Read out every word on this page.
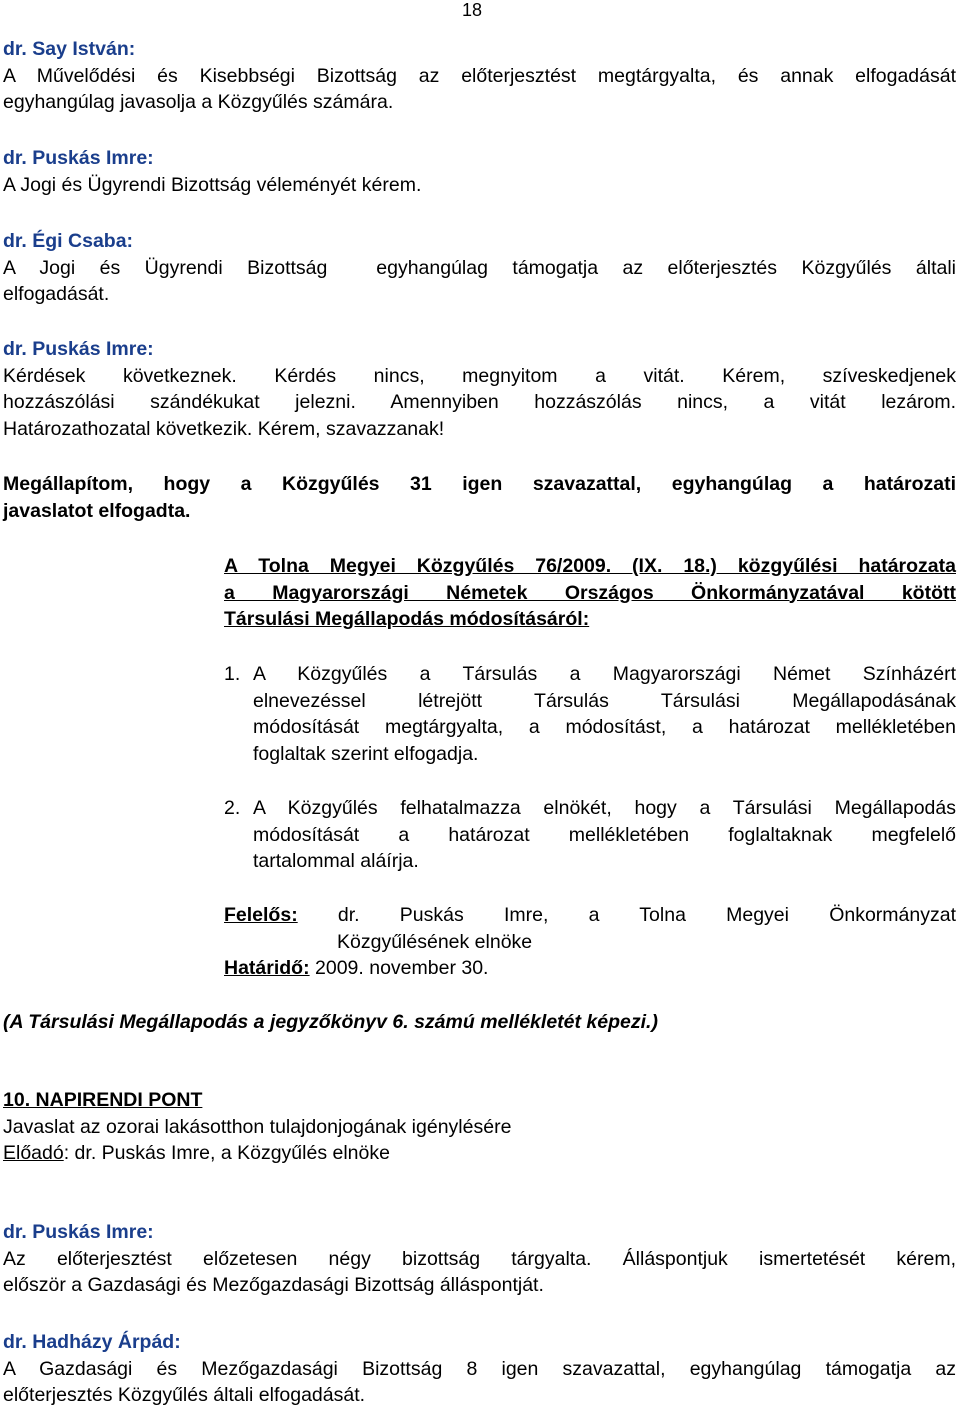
18
dr. Say István:
A Művelődési és Kisebbségi Bizottság az előterjesztést megtárgyalta, és annak elfogadását
egyhangúlag javasolja a Közgyűlés számára.
dr. Puskás Imre:
A Jogi és Ügyrendi Bizottság véleményét kérem.
dr. Égi Csaba:
A Jogi és Ügyrendi Bizottság  egyhangúlag támogatja az előterjesztés Közgyűlés általi
elfogadását.
dr. Puskás Imre:
Kérdések következnek. Kérdés nincs, megnyitom a vitát. Kérem, szíveskedjenek
hozzászólási szándékukat jelezni. Amennyiben hozzászólás nincs, a vitát lezárom.
Határozathozatal következik. Kérem, szavazzanak!
Megállapítom, hogy a Közgyűlés 31 igen szavazattal, egyhangúlag a határozati
javaslatot elfogadta.
A Tolna Megyei Közgyűlés 76/2009. (IX. 18.) közgyűlési határozata
a Magyarországi Németek Országos Önkormányzatával kötött
Társulási Megállapodás módosításáról:
1. A Közgyűlés a Társulás a Magyarországi Német Színházért
elnevezéssel létrejött Társulás Társulási Megállapodásának
módosítását megtárgyalta, a módosítást, a határozat mellékletében
foglaltak szerint elfogadja.
2. A Közgyűlés felhatalmazza elnökét, hogy a Társulási Megállapodás
módosítását a határozat mellékletében foglaltaknak megfelelő
tartalommal aláírja.
Felelős: dr. Puskás Imre, a Tolna Megyei Önkormányzat
Közgyűlésének elnöke
Határidő: 2009. november 30.
(A Társulási Megállapodás a jegyzőkönyv 6. számú mellékletét képezi.)
10. NAPIRENDI PONT
Javaslat az ozorai lakásotthon tulajdonjogának igénylésére
Előadó: dr. Puskás Imre, a Közgyűlés elnöke
dr. Puskás Imre:
Az előterjesztést előzetesen négy bizottság tárgyalta. Álláspontjuk ismertetését kérem,
először a Gazdasági és Mezőgazdasági Bizottság álláspontját.
dr. Hadházy Árpád:
A Gazdasági és Mezőgazdasági Bizottság 8 igen szavazattal, egyhangúlag támogatja az
előterjesztés Közgyűlés általi elfogadását.
